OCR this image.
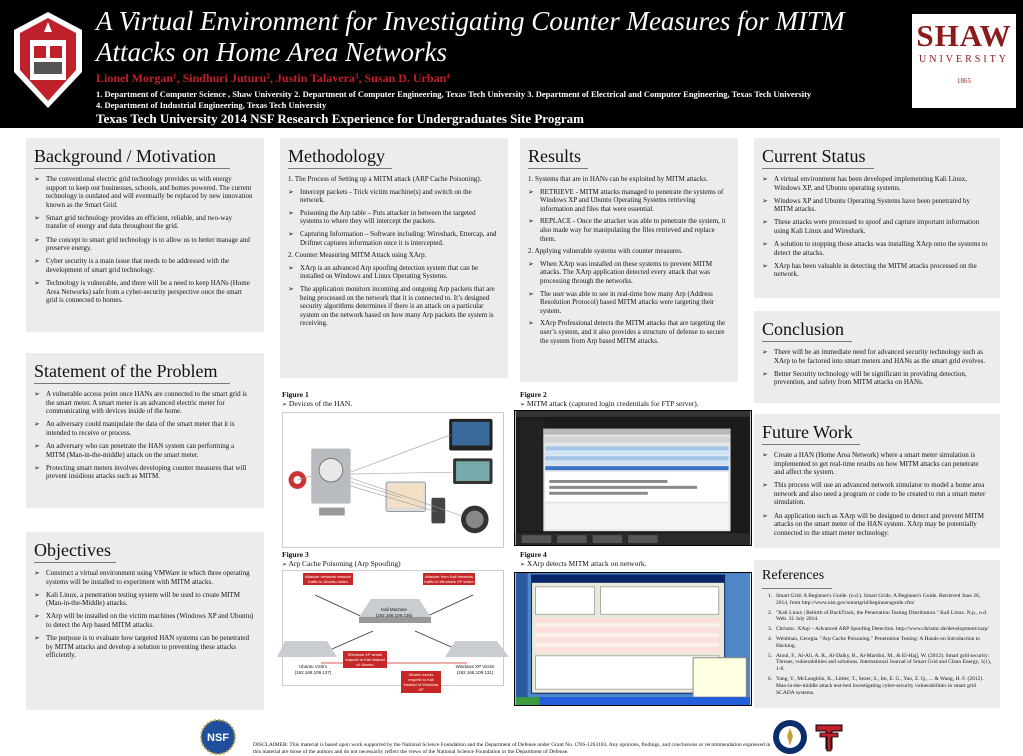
A Virtual Environment for Investigating Counter Measures for MITM Attacks on Home Area Networks
Lionel Morgan¹, Sindhuri Juturu², Justin Talavera³, Susan D. Urban⁴
1. Department of Computer Science , Shaw University 2. Department of Computer Engineering, Texas Tech University 3. Department of Electrical and Computer Engineering, Texas Tech University
4. Department of Industrial Engineering, Texas Tech University
Texas Tech University 2014 NSF Research Experience for Undergraduates Site Program
SHAW
UNIVERSITY
1865
Background / Motivation
➢ The conventional electric grid technology provides us with energy support to keep our businesses, schools, and homes powered. The current technology is outdated and will eventually be replaced by new innovation known as the Smart Grid.
➢ Smart grid technology provides an efficient, reliable, and two-way transfer of energy and data throughout the grid.
➢ The concept to smart grid technology is to allow us to better manage and preserve energy.
➢ Cyber security is a main issue that needs to be addressed with the development of smart grid technology.
➢ Technology is vulnerable, and there will be a need to keep HANs (Home Area Networks) safe from a cyber-security perspective once the smart grid is connected to homes.
Statement of the Problem
➢ A vulnerable access point once HANs are connected to the smart grid is the smart meter. A smart meter is an advanced electric meter for communicating with devices inside of the home.
➢ An adversary could manipulate the data of the smart meter that it is intended to receive or process.
➢ An adversary who can penetrate the HAN system can performing a MITM (Man-in-the-middle) attack on the smart meter.
➢ Protecting smart meters involves developing counter measures that will prevent insidious attacks such as MITM.
Objectives
➢ Construct a virtual environment using VMWare in which three operating systems will be installed to experiment with MITM attacks.
➢ Kali Linux, a penetration testing system will be used to create MITM (Man-in-the-Middle) attacks.
➢ XArp will be installed on the victim machines (Windows XP and Ubuntu) to detect the Arp based MITM attacks.
➢ The purpose is to evaluate how targeted HAN systems can be penetrated by MITM attacks and develop a solution to preventing these attacks efficiently.
Methodology
1. The Process of Setting up a MITM attack (ARP Cache Poisoning).
➢ Intercept packets - Trick victim machine(s) and switch on the network.
➢ Poisoning the Arp table – Puts attacker in between the targeted systems to where they will intercept the packets.
➢ Capturing Information – Software including: Wireshark, Ettercap, and Driftnet captures information once it is intercepted.
2. Counter Measuring MITM Attack using XArp.
➢ XArp is an advanced Arp spoofing detection system that can be installed on Windows and Linux Operating Systems.
➢ The application monitors incoming and outgoing Arp packets that are being processed on the network that it is connected to. It’s designed security algorithms determines if there is an attack on a particular system on the network based on how many Arp packets the system is receiving.
Figure 1
➢ Devices of the HAN.
Figure 3
➢ Arp Cache Poisoning (Arp Spoofing)
Attacker forwards network traffic to Ubuntu victim
Attacker from Kali forwards traffic to Windows XP victim
Kali Machine
(192.168.109.136)
Windows XP sends request to Kali instead of Ubuntu
Ubuntu sends request to Kali instead of Windows XP
Ubuntu Victim
(192.168.109.137)
Windows XP Victim
(192.168.109.131)
Results
1. Systems that are in HANs can be exploited by MITM attacks.
➢ RETRIEVE - MITM attacks managed to penetrate the systems of Windows XP and Ubuntu Operating Systems retrieving information and files that were essential.
➢ REPLACE - Once the attacker was able to penetrate the system, it also made way for manipulating the files retrieved and replace them.
2. Applying vulnerable systems with counter measures.
➢ When XArp was installed on these systems to prevent MITM attacks. The XArp application detected every attack that was processing through the networks.
➢ The user was able to see in real-time how many Arp (Address Resolution Protocol) based MITM attacks were targeting their system.
➢ XArp Professional detects the MITM attacks that are targeting the user’s system, and it also provides a structure of defense to secure the system from Arp based MITM attacks.
Figure 2
➢ MITM attack (captured login credentials for FTP server).
Figure 4
➢ XArp detects MITM attack on network.
Current Status
➢ A virtual environment has been developed implementing Kali Linux, Windows XP, and Ubuntu operating systems.
➢ Windows XP and Ubuntu Operating Systems have been penetrated by MITM attacks.
➢ These attacks were processed to spoof and capture important information using Kali Linux and Wireshark.
➢ A solution to stopping those attacks was installing XArp onto the systems to detect the attacks.
➢ XArp has been valuable in detecting the MITM attacks processed on the network.
Conclusion
➢ There will be an immediate need for advanced security technology such as XArp to be factored into smart meters and HANs as the smart grid evolves.
➢ Better Security technology will be significant in providing detection, prevention, and safety from MITM attacks on HANs.
Future Work
➢ Create a HAN (Home Area Network) where a smart meter simulation is implemented to get real-time results on how MITM attacks can penetrate and affect the system.
➢ This process will use an advanced network simulator to model a home area network and also need a program or code to be created to run a smart meter simulation.
➢ An application such as XArp will be designed to detect and prevent MITM attacks on the smart meter of the HAN system. XArp may be potentially connected to the smart meter technology.
References
1. Smart Grid: A Beginner's Guide. (n.d.). Smart Grids: A Beginner's Guide. Retrieved June 26, 2014, from http://www.nist.gov/smartgrid/beginnersguide.cfm/
2. "Kali Linux | Rebirth of BackTrack, the Penetration Testing Distribution." Kali Linux. N.p., n.d. Web. 31 July 2014.
3. Chrismc. XArp – Advanced ARP Spoofing Detection. http://www.chrismc.de/development/xarp/
4. Weidman, Georgia. "Arp Cache Poisoning." Penetration Testing: A Hands-on Introduction to Hacking.
5. Aloul, F., Al-Ali, A. R., Al-Dalky, R., Al-Mardini, M., & El-Hajj, W. (2012). Smart grid security: Threats, vulnerabilities and solutions. International Journal of Smart Grid and Clean Energy, 1(1), 1-6.
6. Yang, Y., McLaughlin, K., Littler, T., Sezer, S., Im, E. G., Yao, Z. Q., ... & Wang, H. F. (2012). Man-in-the-middle attack test-bed investigating cyber-security vulnerabilities in smart grid SCADA systems.
NSF
DISCLAIMER: This material is based upon work supported by the National Science Foundation and the Department of Defense under Grant No. CNS-1263183. Any opinions, findings, and conclusions or recommendation expressed in this material are those of the authors and do not necessarily reflect the views of the National Science Foundation or the Department of Defense.
